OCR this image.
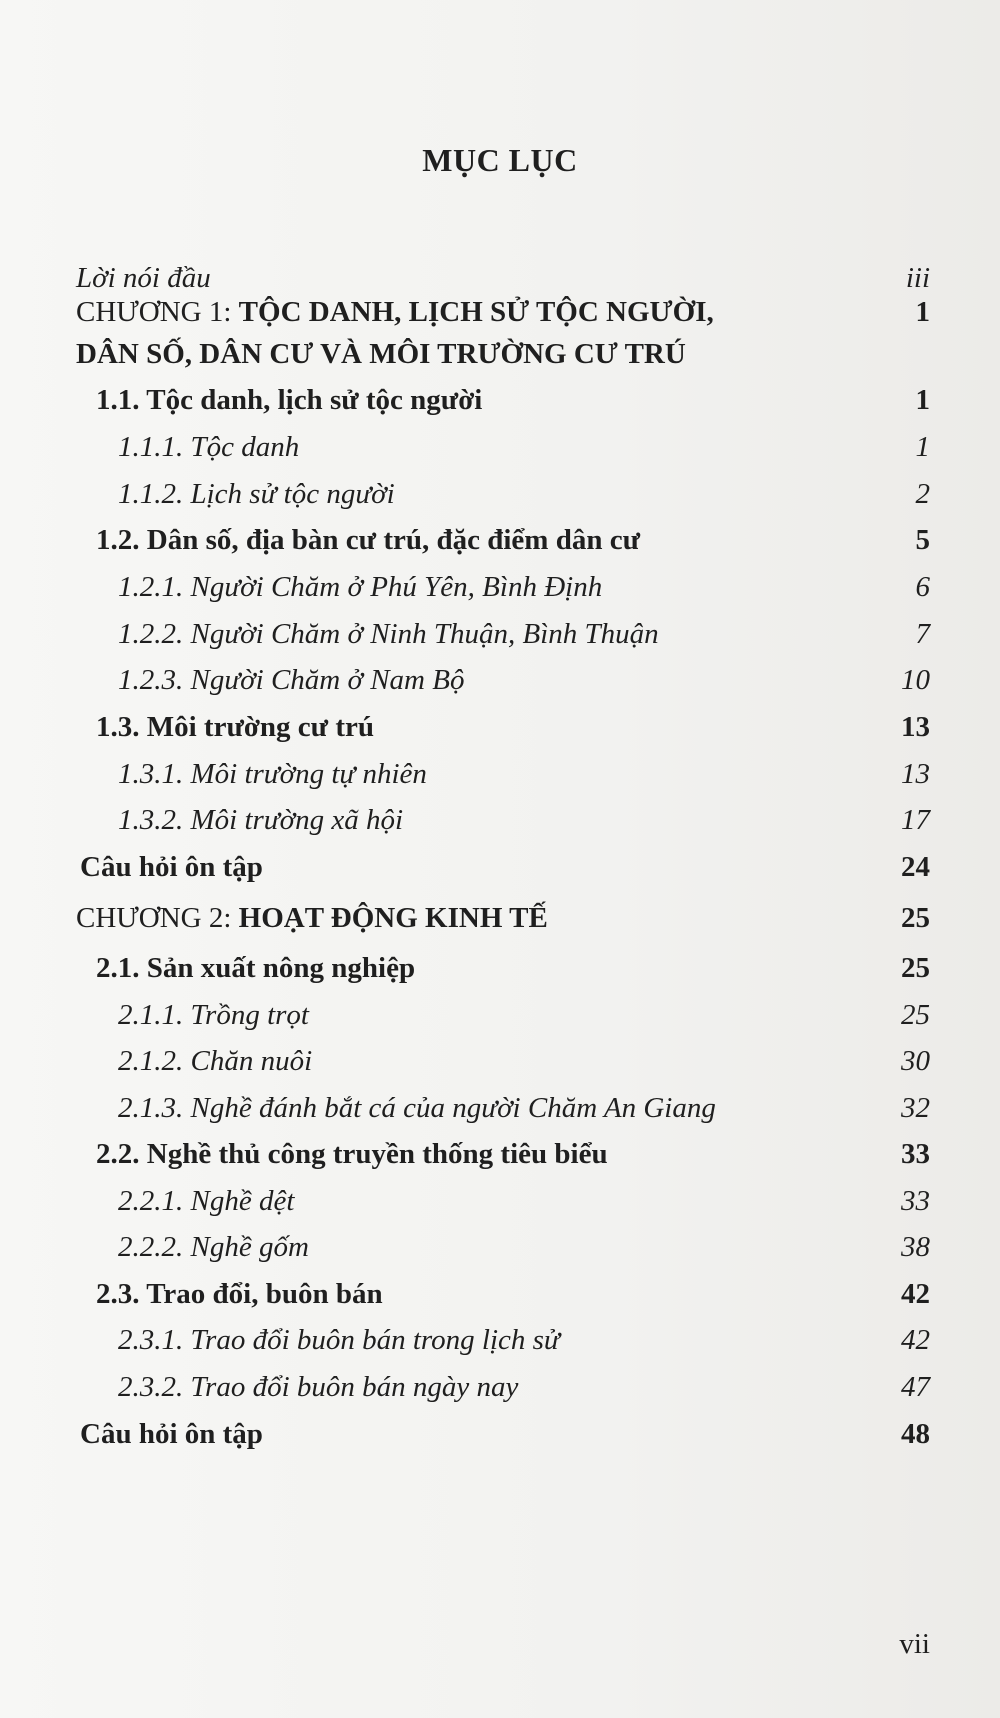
MỤC LỤC
Lời nói đầu	iii
CHƯƠNG 1: TỘC DANH, LỊCH SỬ TỘC NGƯỜI,	1
DÂN SỐ, DÂN CƯ VÀ MÔI TRƯỜNG CƯ TRÚ
1.1. Tộc danh, lịch sử tộc người	1
1.1.1. Tộc danh	1
1.1.2. Lịch sử tộc người	2
1.2. Dân số, địa bàn cư trú, đặc điểm dân cư	5
1.2.1. Người Chăm ở Phú Yên, Bình Định	6
1.2.2. Người Chăm ở Ninh Thuận, Bình Thuận	7
1.2.3. Người Chăm ở Nam Bộ	10
1.3. Môi trường cư trú	13
1.3.1. Môi trường tự nhiên	13
1.3.2. Môi trường xã hội	17
Câu hỏi ôn tập	24
CHƯƠNG 2: HOẠT ĐỘNG KINH TẾ	25
2.1. Sản xuất nông nghiệp	25
2.1.1. Trồng trọt	25
2.1.2. Chăn nuôi	30
2.1.3. Nghề đánh bắt cá của người Chăm An Giang	32
2.2. Nghề thủ công truyền thống tiêu biểu	33
2.2.1. Nghề dệt	33
2.2.2. Nghề gốm	38
2.3. Trao đổi, buôn bán	42
2.3.1. Trao đổi buôn bán trong lịch sử	42
2.3.2. Trao đổi buôn bán ngày nay	47
Câu hỏi ôn tập	48
vii
